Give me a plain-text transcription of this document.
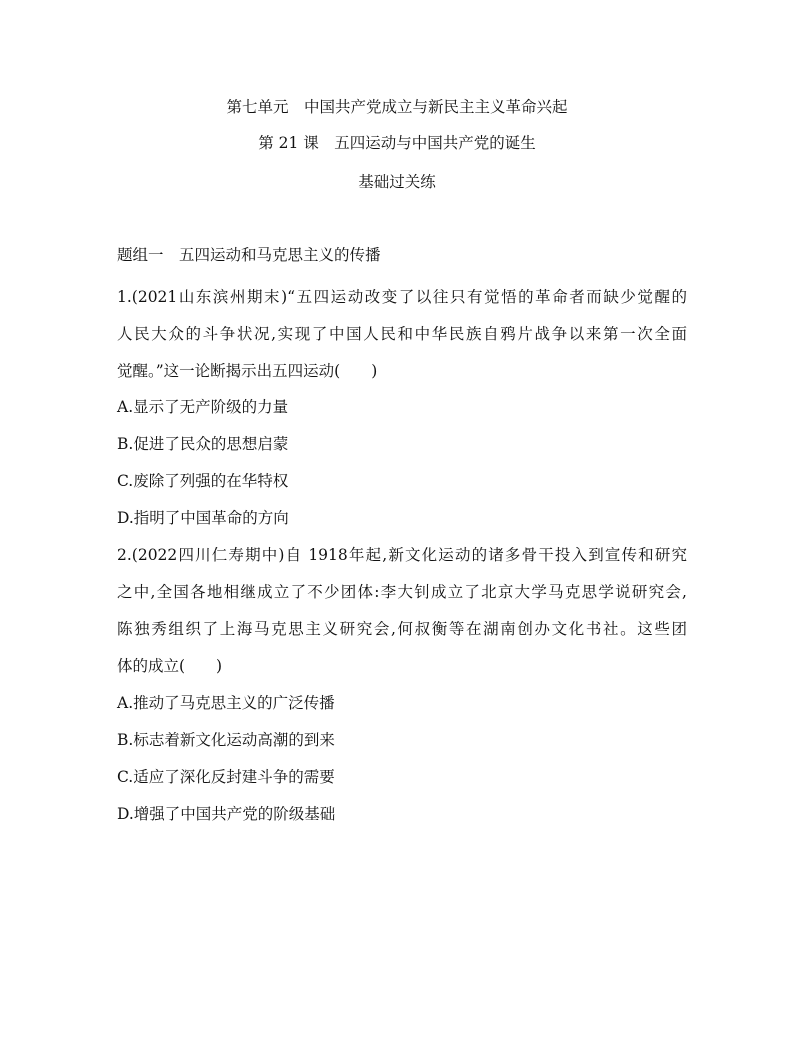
第七单元　中国共产党成立与新民主主义革命兴起
第 21 课　五四运动与中国共产党的诞生
基础过关练
题组一　五四运动和马克思主义的传播
1.(2021山东滨州期末)“五四运动改变了以往只有觉悟的革命者而缺少觉醒的
人民大众的斗争状况,实现了中国人民和中华民族自鸦片战争以来第一次全面
觉醒。”这一论断揭示出五四运动(　　)
A.显示了无产阶级的力量
B.促进了民众的思想启蒙
C.废除了列强的在华特权
D.指明了中国革命的方向
2.(2022四川仁寿期中)自 1918年起,新文化运动的诸多骨干投入到宣传和研究
之中,全国各地相继成立了不少团体:李大钊成立了北京大学马克思学说研究会,
陈独秀组织了上海马克思主义研究会,何叔衡等在湖南创办文化书社。这些团
体的成立(　　)
A.推动了马克思主义的广泛传播
B.标志着新文化运动高潮的到来
C.适应了深化反封建斗争的需要
D.增强了中国共产党的阶级基础
